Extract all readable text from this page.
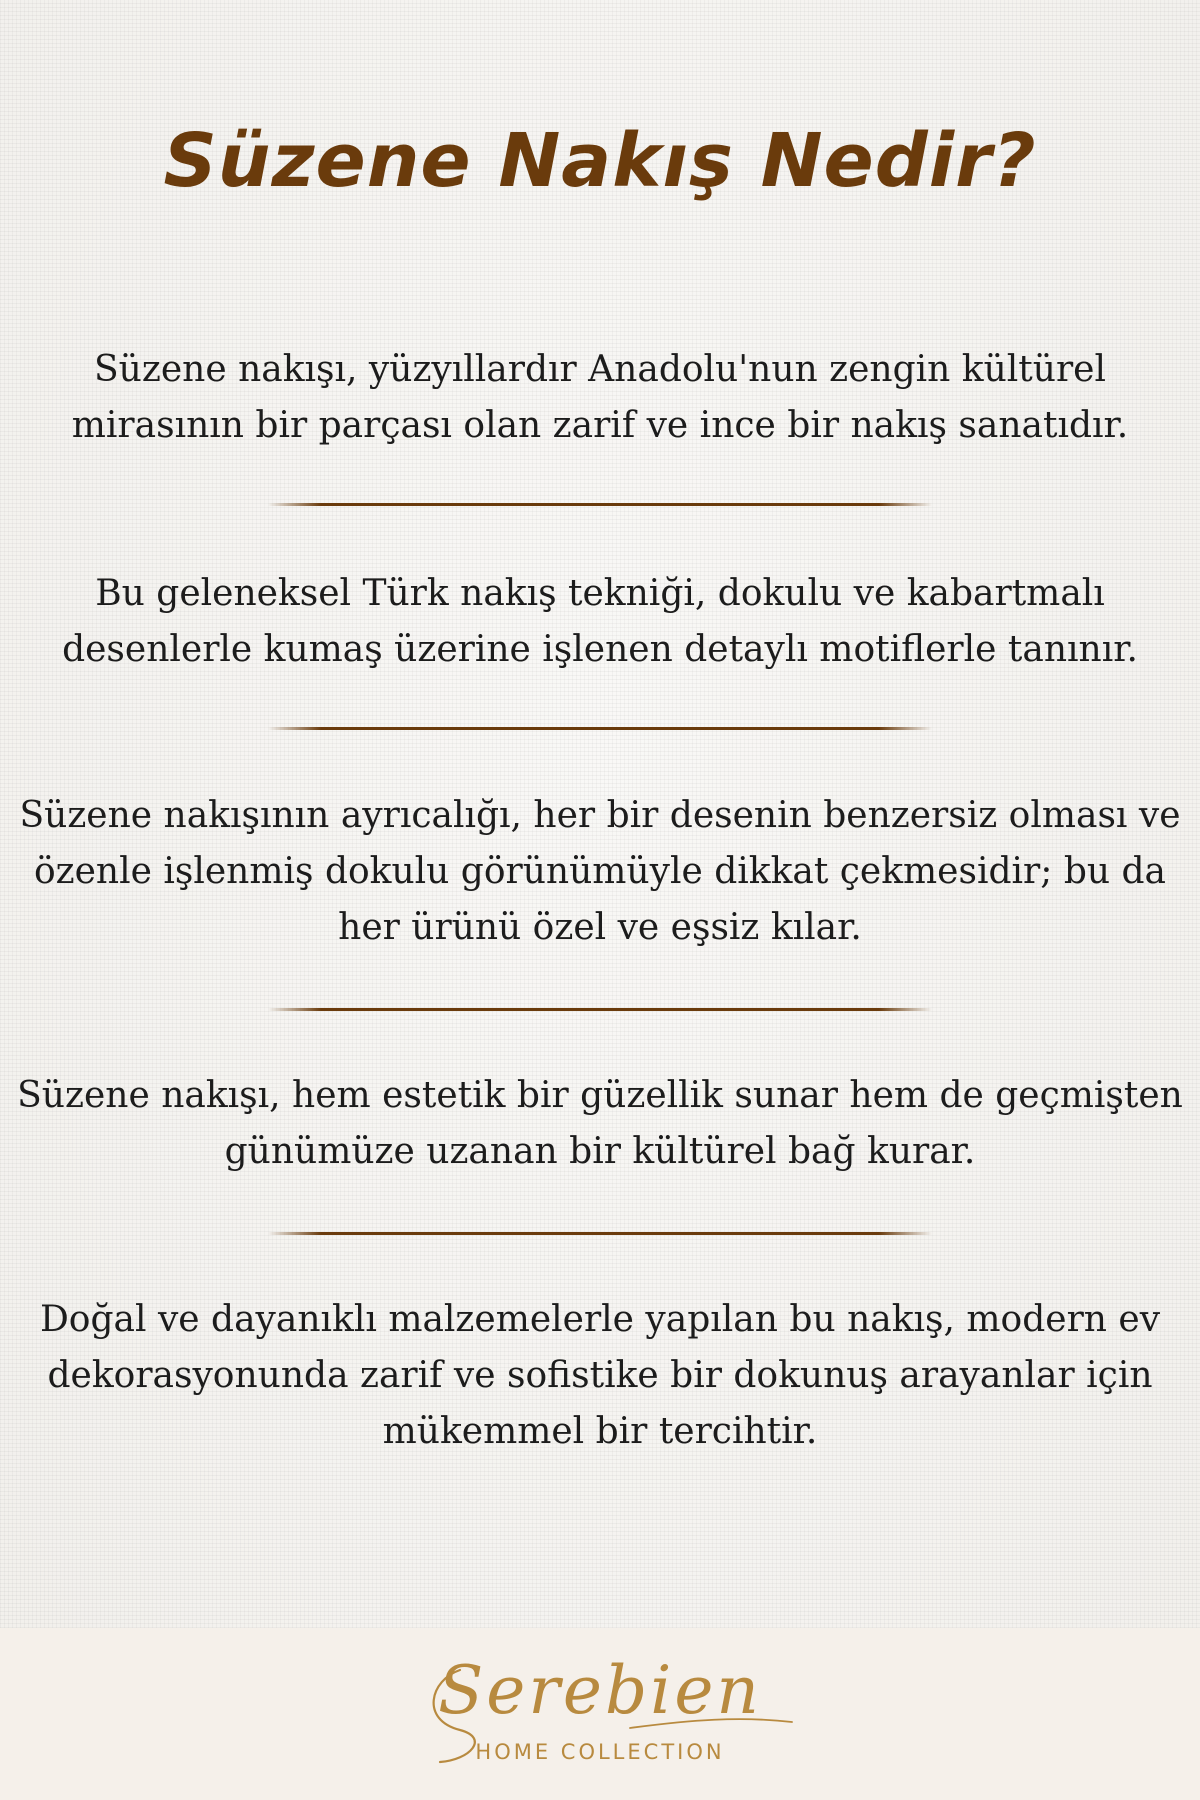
Süzene Nakış Nedir?

Süzene nakışı, yüzyıllardır Anadolu'nun zengin kültürel mirasının bir parçası olan zarif ve ince bir nakış sanatıdır.

Bu geleneksel Türk nakış tekniği, dokulu ve kabartmalı desenlerle kumaş üzerine işlenen detaylı motiflerle tanınır.

Süzene nakışının ayrıcalığı, her bir desenin benzersiz olması ve özenle işlenmiş dokulu görünümüyle dikkat çekmesidir; bu da her ürünü özel ve eşsiz kılar.

Süzene nakışı, hem estetik bir güzellik sunar hem de geçmişten günümüze uzanan bir kültürel bağ kurar.

Doğal ve dayanıklı malzemelerle yapılan bu nakış, modern ev dekorasyonunda zarif ve sofistike bir dokunuş arayanlar için mükemmel bir tercihtir.

Serebien

HOME COLLECTION
